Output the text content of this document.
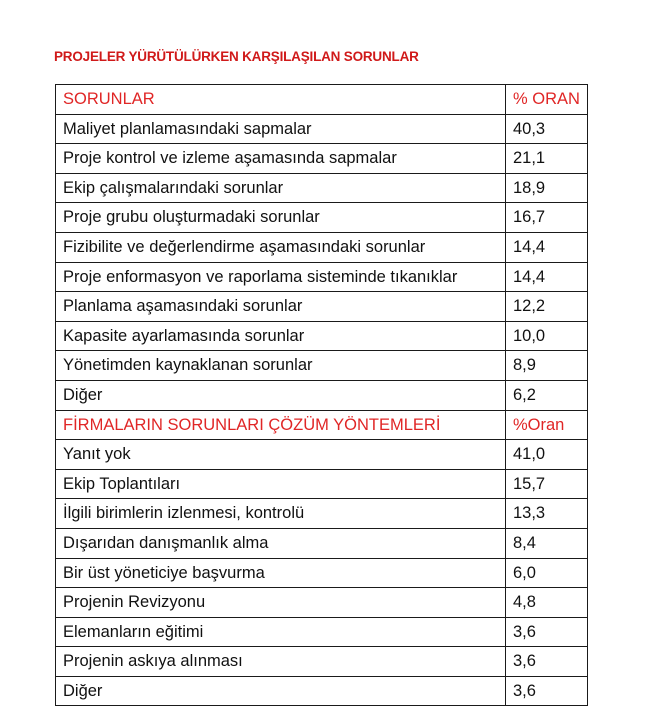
PROJELER YÜRÜTÜLÜRKEN KARŞILAŞILAN SORUNLAR
SORUNLAR	% ORAN
Maliyet planlamasındaki sapmalar	40,3
Proje kontrol ve izleme aşamasında sapmalar	21,1
Ekip çalışmalarındaki sorunlar	18,9
Proje grubu oluşturmadaki sorunlar	16,7
Fizibilite ve değerlendirme aşamasındaki sorunlar	14,4
Proje enformasyon ve raporlama sisteminde tıkanıklar	14,4
Planlama aşamasındaki sorunlar	12,2
Kapasite ayarlamasında sorunlar	10,0
Yönetimden kaynaklanan sorunlar	8,9
Diğer	6,2
FİRMALARIN SORUNLARI ÇÖZÜM YÖNTEMLERİ	%Oran
Yanıt yok	41,0
Ekip Toplantıları	15,7
İlgili birimlerin izlenmesi, kontrolü	13,3
Dışarıdan danışmanlık alma	8,4
Bir üst yöneticiye başvurma	6,0
Projenin Revizyonu	4,8
Elemanların eğitimi	3,6
Projenin askıya alınması	3,6
Diğer	3,6
